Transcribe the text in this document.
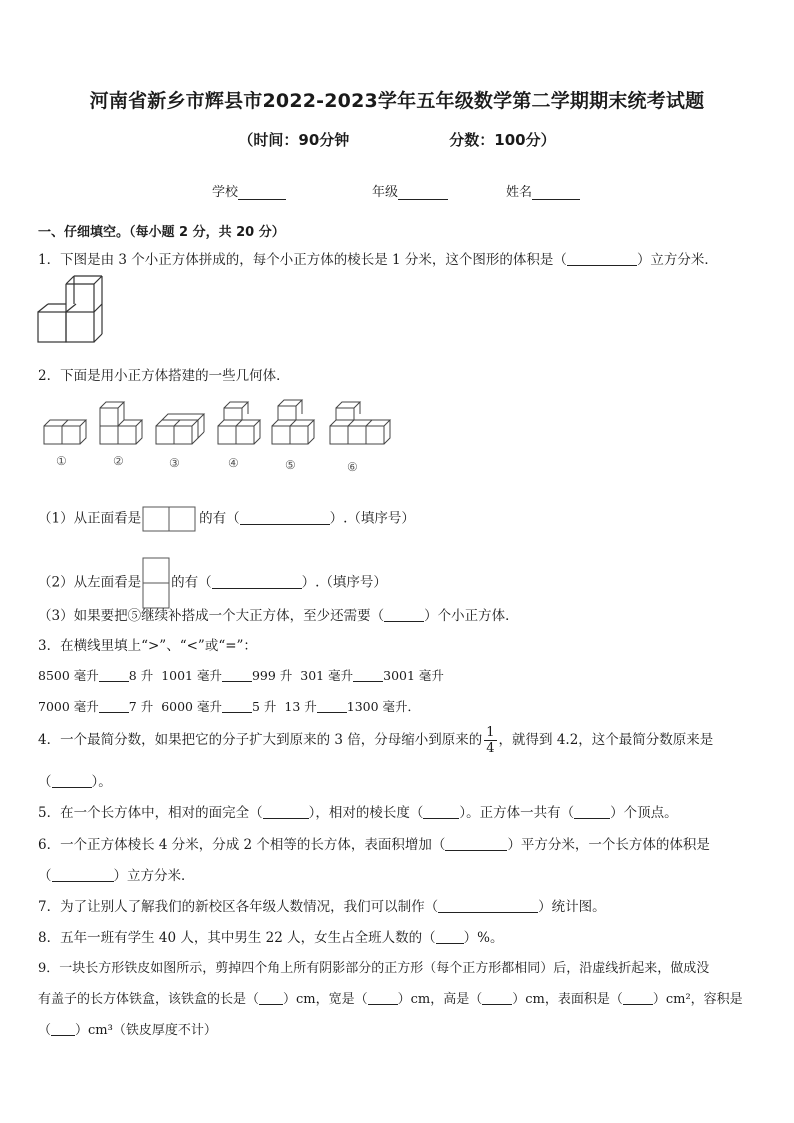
河南省新乡市辉县市2022-2023学年五年级数学第二学期期末统考试题
（时间：90分钟	分数：100分）
学校	年级	姓名
一、仔细填空。（每小题 2 分，共 20 分）
1．下图是由 3 个小正方体拼成的，每个小正方体的棱长是 1 分米，这个图形的体积是（	）立方分米．
2．下面是用小正方体搭建的一些几何体．
①	②	③	④	⑤	⑥
（1）从正面看是	的有（	）.（填序号）
（2）从左面看是 的有（	）.（填序号）
（3）如果要把⑤继续补搭成一个大正方体，至少还需要（	）个小正方体．
3．在横线里填上“>”、“<”或“=”：
8500 毫升 8 升 1001 毫升 999 升 301 毫升 3001 毫升
7000 毫升 7 升 6000 毫升 5 升 13 升 1300 毫升．
4．一个最简分数，如果把它的分子扩大到原来的 3 倍，分母缩小到原来的 $\frac{1}{4}$ ，就得到 4.2，这个最简分数原来是
（	）。
5．在一个长方体中，相对的面完全（	），相对的棱长度（	）。正方体一共有（	）个顶点。
6．一个正方体棱长 4 分米，分成 2 个相等的长方体，表面积增加（	）平方分米，一个长方体的体积是
（	）立方分米．
7．为了让别人了解我们的新校区各年级人数情况，我们可以制作（	）统计图。
8．五年一班有学生 40 人，其中男生 22 人，女生占全班人数的（ ）%。
9．一块长方形铁皮如图所示，剪掉四个角上所有阴影部分的正方形（每个正方形都相同）后，沿虚线折起来，做成没
有盖子的长方体铁盒，该铁盒的长是（ ）cm，宽是（ ）cm，高是（ ）cm，表面积是（ ）cm²，容积是
（ ）cm³（铁皮厚度不计）
